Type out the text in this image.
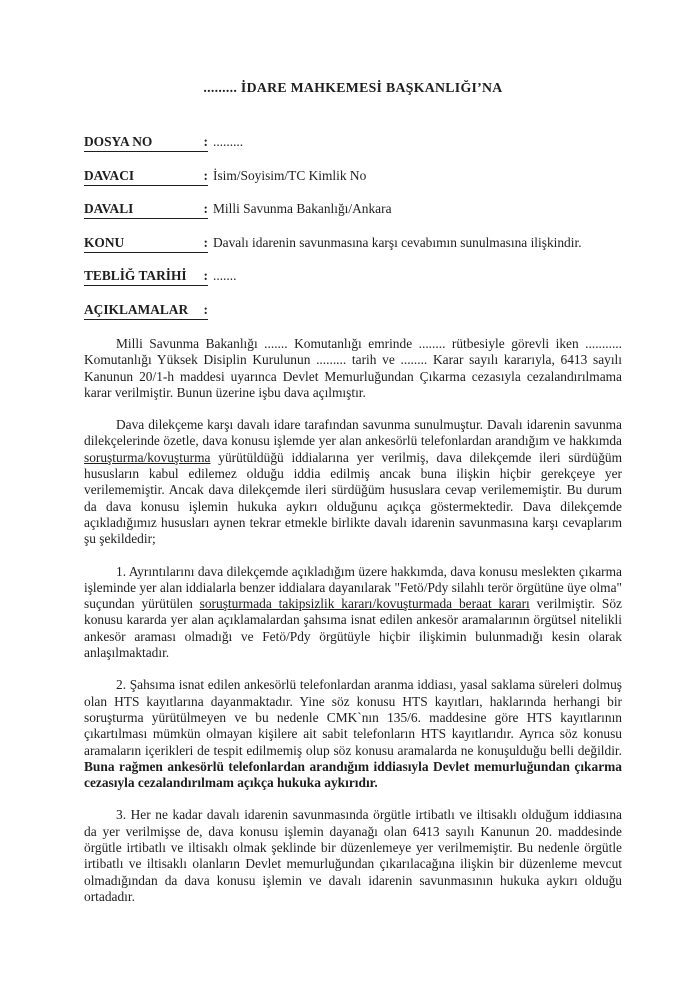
......... İDARE MAHKEMESİ BAŞKANLIĞI’NA
DOSYA NO	: .........
DAVACI	: İsim/Soyisim/TC Kimlik No
DAVALI	: Milli Savunma Bakanlığı/Ankara
KONU	: Davalı idarenin savunmasına karşı cevabımın sunulmasına ilişkindir.
TEBLİĞ TARİHİ : .......
AÇIKLAMALAR :

Milli Savunma Bakanlığı ....... Komutanlığı emrinde ........ rütbesiyle görevli iken ........... Komutanlığı Yüksek Disiplin Kurulunun ......... tarih ve ........ Karar sayılı kararıyla, 6413 sayılı Kanunun 20/1-h maddesi uyarınca Devlet Memurluğundan Çıkarma cezasıyla cezalandırılmama karar verilmiştir. Bunun üzerine işbu dava açılmıştır.

Dava dilekçeme karşı davalı idare tarafından savunma sunulmuştur. Davalı idarenin savunma dilekçelerinde özetle, dava konusu işlemde yer alan ankesörlü telefonlardan arandığım ve hakkımda soruşturma/kovuşturma yürütüldüğü iddialarına yer verilmiş, dava dilekçemde ileri sürdüğüm hususların kabul edilemez olduğu iddia edilmiş ancak buna ilişkin hiçbir gerekçeye yer verilememiştir. Ancak dava dilekçemde ileri sürdüğüm hususlara cevap verilememiştir. Bu durum da dava konusu işlemin hukuka aykırı olduğunu açıkça göstermektedir. Dava dilekçemde açıkladığımız hususları aynen tekrar etmekle birlikte davalı idarenin savunmasına karşı cevaplarım şu şekildedir;

1. Ayrıntılarını dava dilekçemde açıkladığım üzere hakkımda, dava konusu meslekten çıkarma işleminde yer alan iddialarla benzer iddialara dayanılarak "Fetö/Pdy silahlı terör örgütüne üye olma" suçundan yürütülen soruşturmada takipsizlik kararı/kovuşturmada beraat kararı verilmiştir. Söz konusu kararda yer alan açıklamalardan şahsıma isnat edilen ankesör aramalarının örgütsel nitelikli ankesör araması olmadığı ve Fetö/Pdy örgütüyle hiçbir ilişkimin bulunmadığı kesin olarak anlaşılmaktadır.

2. Şahsıma isnat edilen ankesörlü telefonlardan aranma iddiası, yasal saklama süreleri dolmuş olan HTS kayıtlarına dayanmaktadır. Yine söz konusu HTS kayıtları, haklarında herhangi bir soruşturma yürütülmeyen ve bu nedenle CMK`nın 135/6. maddesine göre HTS kayıtlarının çıkartılması mümkün olmayan kişilere ait sabit telefonların HTS kayıtlarıdır. Ayrıca söz konusu aramaların içerikleri de tespit edilmemiş olup söz konusu aramalarda ne konuşulduğu belli değildir. Buna rağmen ankesörlü telefonlardan arandığım iddiasıyla Devlet memurluğundan çıkarma cezasıyla cezalandırılmam açıkça hukuka aykırıdır.

3. Her ne kadar davalı idarenin savunmasında örgütle irtibatlı ve iltisaklı olduğum iddiasına da yer verilmişse de, dava konusu işlemin dayanağı olan 6413 sayılı Kanunun 20. maddesinde örgütle irtibatlı ve iltisaklı olmak şeklinde bir düzenlemeye yer verilmemiştir. Bu nedenle örgütle irtibatlı ve iltisaklı olanların Devlet memurluğundan çıkarılacağına ilişkin bir düzenleme mevcut olmadığından da dava konusu işlemin ve davalı idarenin savunmasının hukuka aykırı olduğu ortadadır.
